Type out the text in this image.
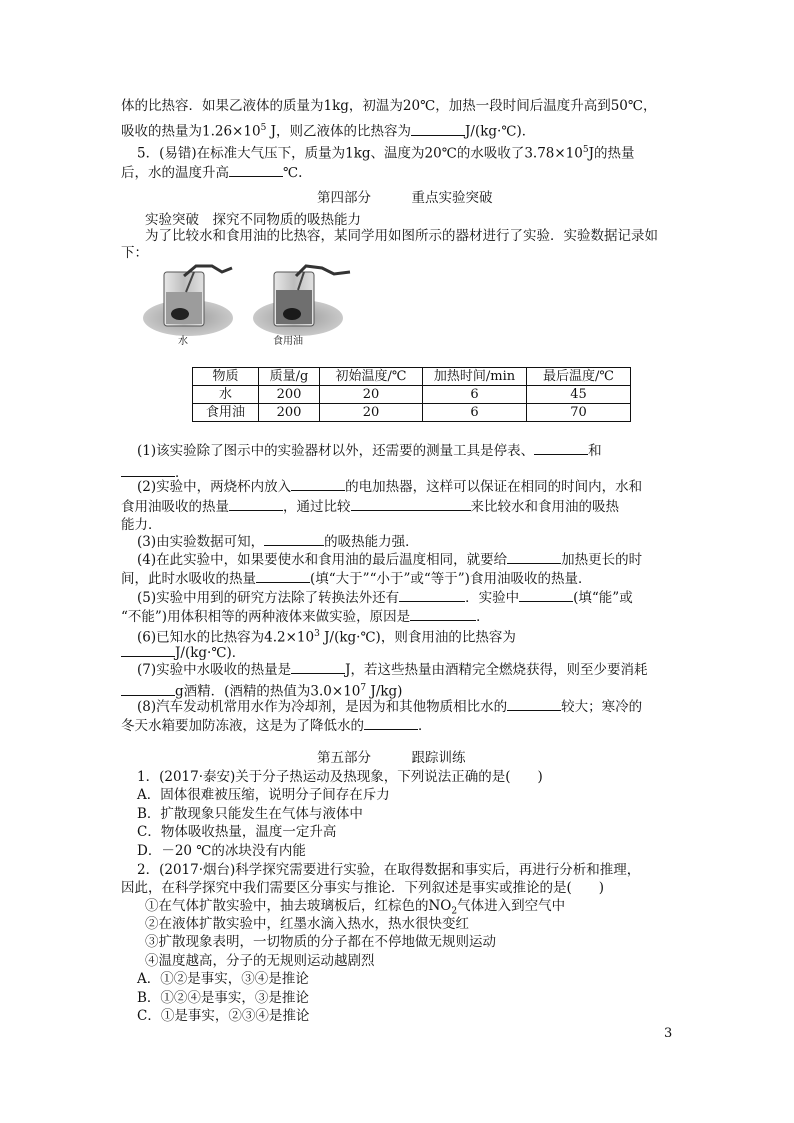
体的比热容．如果乙液体的质量为1kg，初温为20℃，加热一段时间后温度升高到50℃，
吸收的热量为$1.26\times 10^5$ J，则乙液体的比热容为	J/(kg·℃)．
5．(易错)在标准大气压下，质量为1kg、温度为20℃的水吸收了$3.78\times 10^5J$的热量
后，水的温度升高	℃.
第四部分　　　重点实验突破
实验突破　探究不同物质的吸热能力
为了比较水和食用油的比热容，某同学用如图所示的器材进行了实验．实验数据记录如
下：
水	食用油
物质	质量/g	初始温度/℃	加热时间/min	最后温度/℃
水	200	20	6	45
食用油	200	20	6	70
(1)该实验除了图示中的实验器材以外，还需要的测量工具是停表、	和
．
(2)实验中，两烧杯内放入	的电加热器，这样可以保证在相同的时间内，水和
食用油吸收的热量	，通过比较	来比较水和食用油的吸热
能力．
(3)由实验数据可知，	的吸热能力强．
(4)在此实验中，如果要使水和食用油的最后温度相同，就要给	加热更长的时
间，此时水吸收的热量	(填“大于”“小于”或“等于”)食用油吸收的热量．
(5)实验中用到的研究方法除了转换法外还有	．实验中	(填“能”或
“不能”)用体积相等的两种液体来做实验，原因是	．
(6)已知水的比热容为$4.2\times 10^3$ J/(kg·℃)，则食用油的比热容为
J/(kg·℃)．
(7)实验中水吸收的热量是	J，若这些热量由酒精完全燃烧获得，则至少要消耗
g酒精．(酒精的热值为$3.0\times 10^7$ J/kg)
(8)汽车发动机常用水作为冷却剂，是因为和其他物质相比水的	较大；寒冷的
冬天水箱要加防冻液，这是为了降低水的	．
第五部分　　　跟踪训练
1．(2017·泰安)关于分子热运动及热现象，下列说法正确的是(　　)
A．固体很难被压缩，说明分子间存在斥力
B．扩散现象只能发生在气体与液体中
C．物体吸收热量，温度一定升高
D．－20 ℃的冰块没有内能
2．(2017·烟台)科学探究需要进行实验，在取得数据和事实后，再进行分析和推理，
因此，在科学探究中我们需要区分事实与推论．下列叙述是事实或推论的是(　　)
①在气体扩散实验中，抽去玻璃板后，红棕色的$NO_2$气体进入到空气中
②在液体扩散实验中，红墨水滴入热水，热水很快变红
③扩散现象表明，一切物质的分子都在不停地做无规则运动
④温度越高，分子的无规则运动越剧烈
A．①②是事实，③④是推论
B．①②④是事实，③是推论
C．①是事实，②③④是推论
3
